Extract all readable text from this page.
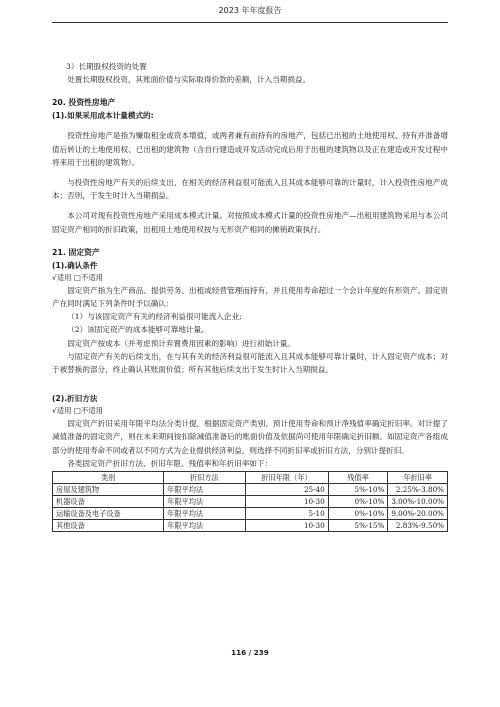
2023 年年度报告

3）长期股权投资的处置

处置长期股权投资，其账面价值与实际取得价款的差额，计入当期损益。

20. 投资性房地产

(1).如果采用成本计量模式的:

投资性房地产是指为赚取租金或资本增值，或两者兼有而持有的房地产，包括已出租的土地使用权、持有并准备增值后转让的土地使用权、已出租的建筑物（含自行建造或开发活动完成后用于出租的建筑物以及正在建造或开发过程中将来用于出租的建筑物）。

与投资性房地产有关的后续支出，在相关的经济利益很可能流入且其成本能够可靠的计量时，计入投资性房地产成本；否则，于发生时计入当期损益。

本公司对现有投资性房地产采用成本模式计量。对按照成本模式计量的投资性房地产—出租用建筑物采用与本公司固定资产相同的折旧政策，出租用土地使用权按与无形资产相同的摊销政策执行。

21. 固定资产

(1).确认条件

√适用 □不适用

固定资产指为生产商品、提供劳务、出租或经营管理而持有，并且使用寿命超过一个会计年度的有形资产。固定资产在同时满足下列条件时予以确认：

（1）与该固定资产有关的经济利益很可能流入企业;

（2）该固定资产的成本能够可靠地计量。

固定资产按成本（并考虑预计弃置费用因素的影响）进行初始计量。

与固定资产有关的后续支出，在与其有关的经济利益很可能流入且其成本能够可靠计量时，计入固定资产成本；对于被替换的部分，终止确认其账面价值；所有其他后续支出于发生时计入当期损益。

(2).折旧方法

√适用 □不适用

固定资产折旧采用年限平均法分类计提，根据固定资产类别、预计使用寿命和预计净残值率确定折旧率。对计提了减值准备的固定资产，则在未来期间按扣除减值准备后的账面价值及依据尚可使用年限确定折旧额。如固定资产各组成部分的使用寿命不同或者以不同方式为企业提供经济利益，则选择不同折旧率或折旧方法，分别计提折旧。

各类固定资产折旧方法、折旧年限、残值率和年折旧率如下：

类别	折旧方法	折旧年限（年）	残值率	年折旧率
房屋及建筑物	年限平均法	25-40	5%-10%	2.25%-3.80%
机器设备	年限平均法	10-30	0%-10%	3.00%-10.00%
运输设备及电子设备	年限平均法	5-10	0%-10%	9.00%-20.00%
其他设备	年限平均法	10-30	5%-15%	2.83%-9.50%
116 / 239
